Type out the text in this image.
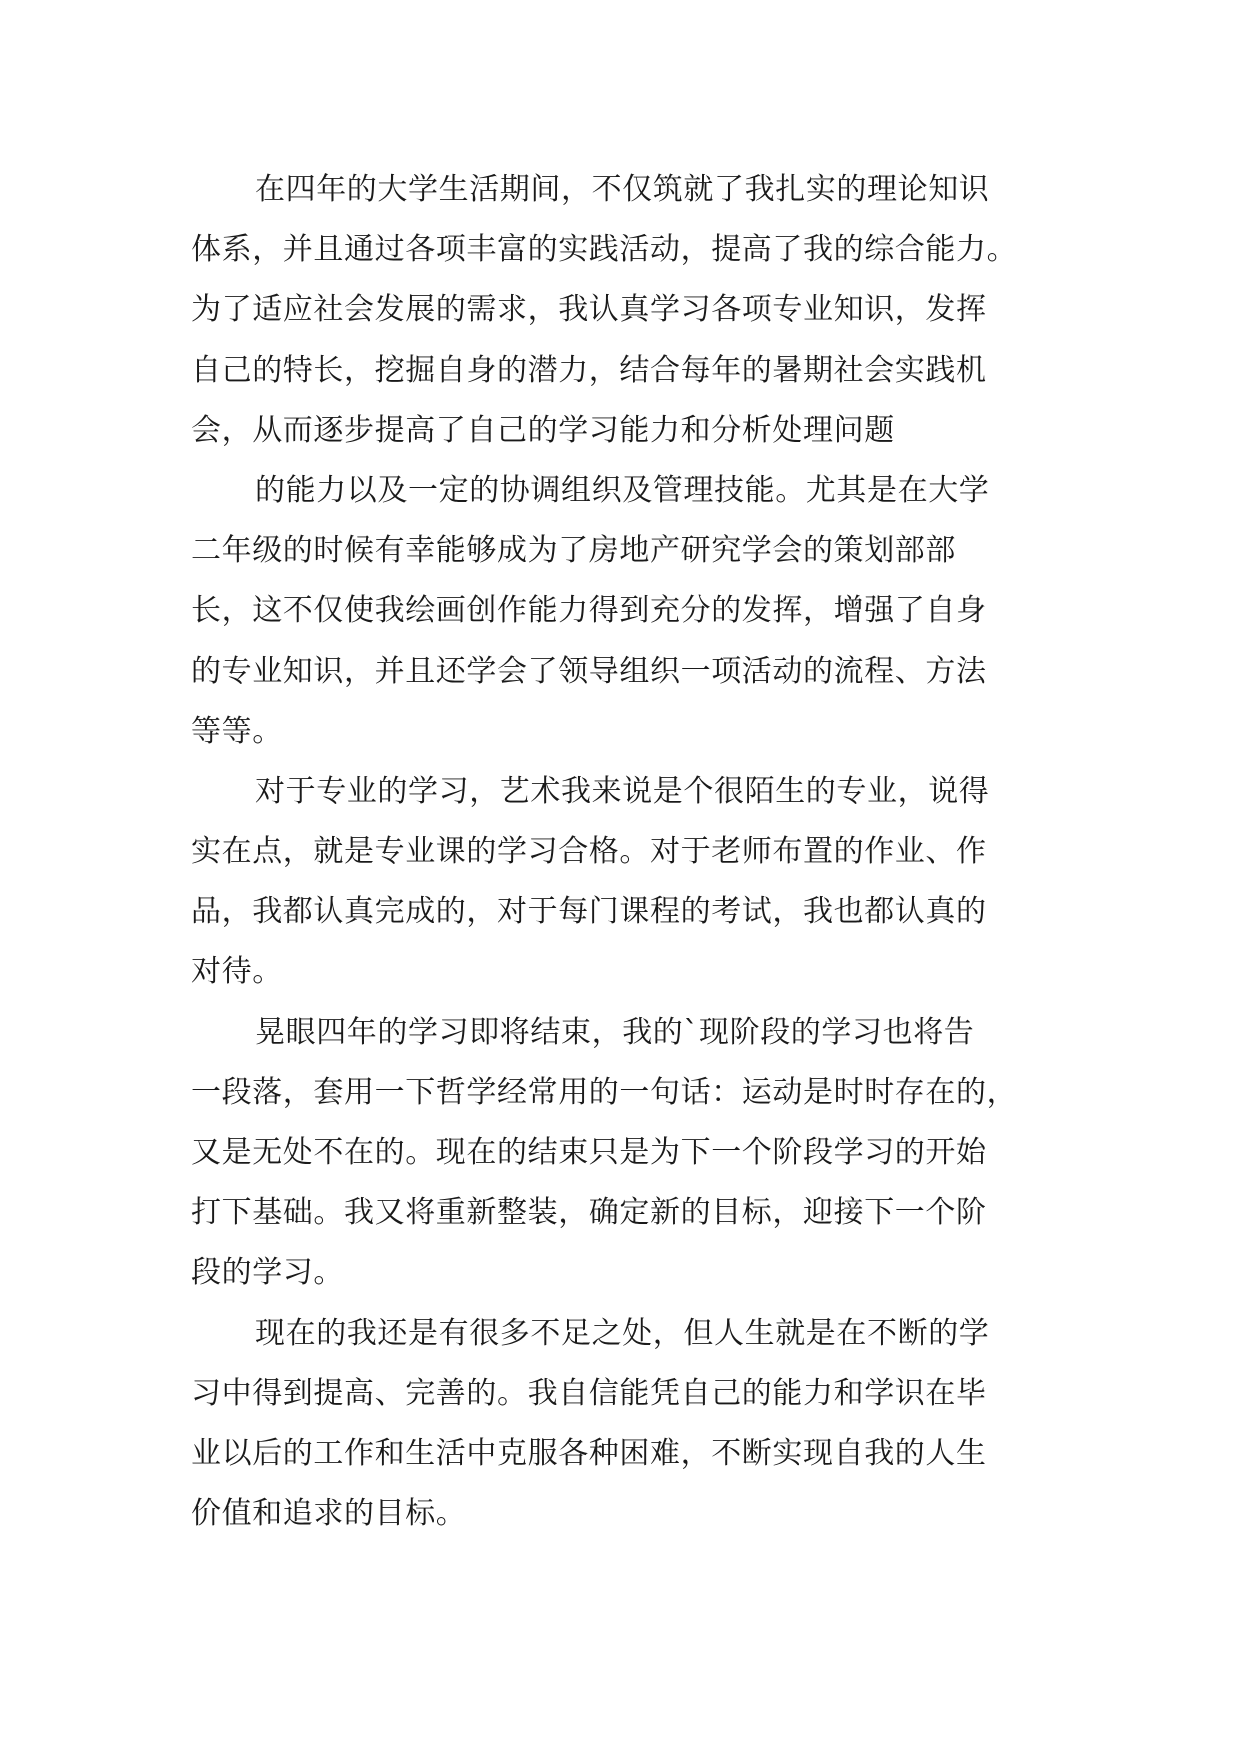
在四年的大学生活期间，不仅筑就了我扎实的理论知识
体系，并且通过各项丰富的实践活动，提高了我的综合能力。
为了适应社会发展的需求，我认真学习各项专业知识，发挥
自己的特长，挖掘自身的潜力，结合每年的暑期社会实践机
会，从而逐步提高了自己的学习能力和分析处理问题
的能力以及一定的协调组织及管理技能。尤其是在大学
二年级的时候有幸能够成为了房地产研究学会的策划部部
长，这不仅使我绘画创作能力得到充分的发挥，增强了自身
的专业知识，并且还学会了领导组织一项活动的流程、方法
等等。
对于专业的学习，艺术我来说是个很陌生的专业，说得
实在点，就是专业课的学习合格。对于老师布置的作业、作
品，我都认真完成的，对于每门课程的考试，我也都认真的
对待。
晃眼四年的学习即将结束，我的`现阶段的学习也将告
一段落，套用一下哲学经常用的一句话：运动是时时存在的，
又是无处不在的。现在的结束只是为下一个阶段学习的开始
打下基础。我又将重新整装，确定新的目标，迎接下一个阶
段的学习。
现在的我还是有很多不足之处，但人生就是在不断的学
习中得到提高、完善的。我自信能凭自己的能力和学识在毕
业以后的工作和生活中克服各种困难，不断实现自我的人生
价值和追求的目标。
